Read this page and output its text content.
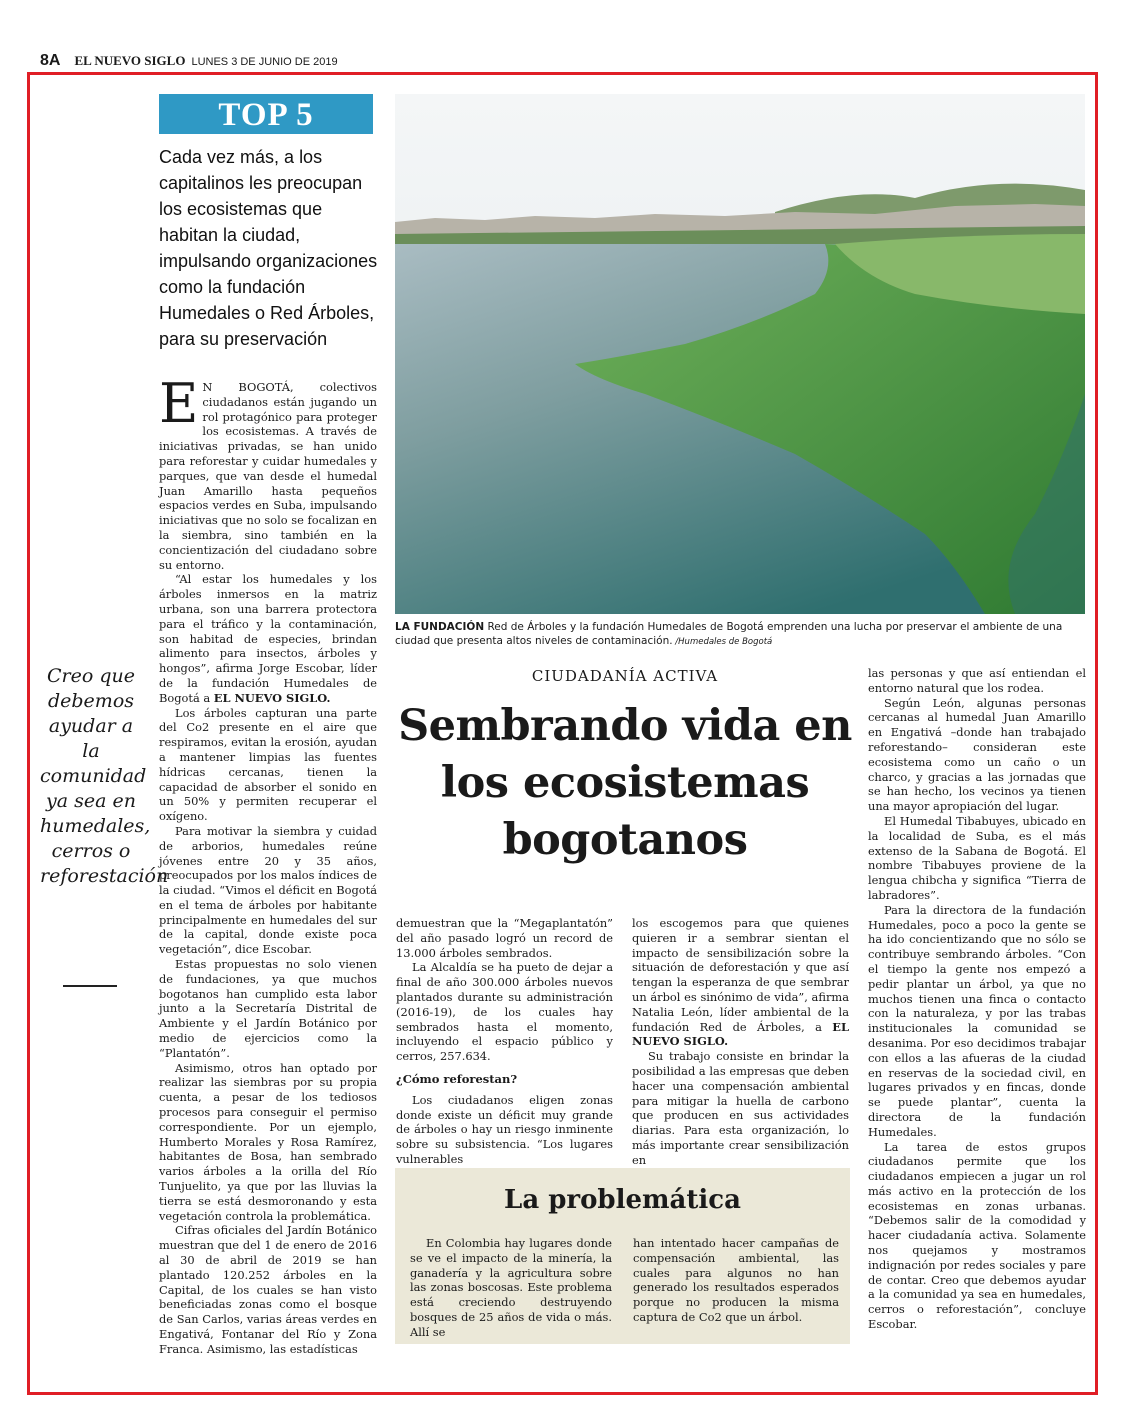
8A EL NUEVO SIGLO LUNES 3 DE JUNIO DE 2019
TOP 5
Cada vez más, a los capitalinos les preocupan los ecosistemas que habitan la ciudad, impulsando organizaciones como la fundación Humedales o Red Árboles, para su preservación

E N BOGOTÁ, colectivos ciudadanos están jugando un rol protagónico para proteger los ecosistemas. A través de iniciativas privadas, se han unido para reforestar y cuidar humedales y parques, que van desde el humedal Juan Amarillo hasta pequeños espacios verdes en Suba, impulsando iniciativas que no solo se focalizan en la siembra, sino también en la concientización del ciudadano sobre su entorno.

“Al estar los humedales y los árboles inmersos en la matriz urbana, son una barrera protectora para el tráfico y la contaminación, son habitad de especies, brindan alimento para insectos, árboles y hongos”, afirma Jorge Escobar, líder de la fundación Humedales de Bogotá a EL NUEVO SIGLO.

Los árboles capturan una parte del Co2 presente en el aire que respiramos, evitan la erosión, ayudan a mantener limpias las fuentes hídricas cercanas, tienen la capacidad de absorber el sonido en un 50% y permiten recuperar el oxígeno.

Para motivar la siembra y cuidad de arborios, humedales reúne jóvenes entre 20 y 35 años, preocupados por los malos índices de la ciudad. “Vimos el déficit en Bogotá en el tema de árboles por habitante principalmente en humedales del sur de la capital, donde existe poca vegetación”, dice Escobar.

Estas propuestas no solo vienen de fundaciones, ya que muchos bogotanos han cumplido esta labor junto a la Secretaría Distrital de Ambiente y el Jardín Botánico por medio de ejercicios como la “Plantatón”.

Asimismo, otros han optado por realizar las siembras por su propia cuenta, a pesar de los tediosos procesos para conseguir el permiso correspondiente. Por un ejemplo, Humberto Morales y Rosa Ramírez, habitantes de Bosa, han sembrado varios árboles a la orilla del Río Tunjuelito, ya que por las lluvias la tierra se está desmoronando y esta vegetación controla la problemática.

Cifras oficiales del Jardín Botánico muestran que del 1 de enero de 2016 al 30 de abril de 2019 se han plantado 120.252 árboles en la Capital, de los cuales se han visto beneficiadas zonas como el bosque de San Carlos, varias áreas verdes en Engativá, Fontanar del Río y Zona Franca. Asimismo, las estadísticas

LA FUNDACIÓN Red de Árboles y la fundación Humedales de Bogotá emprenden una lucha por preservar el ambiente de una ciudad que presenta altos niveles de contaminación. /Humedales de Bogotá
Creo que debemos ayudar a la comunidad ya sea en humedales, cerros o reforestación
CIUDADANÍA ACTIVA
Sembrando vida en los ecosistemas bogotanos

demuestran que la “Megaplantatón” del año pasado logró un record de 13.000 árboles sembrados.

La Alcaldía se ha pueto de dejar a final de año 300.000 árboles nuevos plantados durante su administración (2016-19), de los cuales hay sembrados hasta el momento, incluyendo el espacio público y cerros, 257.634.

¿Cómo reforestan?

Los ciudadanos eligen zonas donde existe un déficit muy grande de árboles o hay un riesgo inminente sobre su subsistencia. “Los lugares vulnerables

los escogemos para que quienes quieren ir a sembrar sientan el impacto de sensibilización sobre la situación de deforestación y que así tengan la esperanza de que sembrar un árbol es sinónimo de vida”, afirma Natalia León, líder ambiental de la fundación Red de Árboles, a EL NUEVO SIGLO.

Su trabajo consiste en brindar la posibilidad a las empresas que deben hacer una compensación ambiental para mitigar la huella de carbono que producen en sus actividades diarias. Para esta organización, lo más importante crear sensibilización en

las personas y que así entiendan el entorno natural que los rodea.

Según León, algunas personas cercanas al humedal Juan Amarillo en Engativá –donde han trabajado reforestando– consideran este ecosistema como un caño o un charco, y gracias a las jornadas que se han hecho, los vecinos ya tienen una mayor apropiación del lugar.

El Humedal Tibabuyes, ubicado en la localidad de Suba, es el más extenso de la Sabana de Bogotá. El nombre Tibabuyes proviene de la lengua chibcha y significa “Tierra de labradores”.

Para la directora de la fundación Humedales, poco a poco la gente se ha ido concientizando que no sólo se contribuye sembrando árboles. “Con el tiempo la gente nos empezó a pedir plantar un árbol, ya que no muchos tienen una finca o contacto con la naturaleza, y por las trabas institucionales la comunidad se desanima. Por eso decidimos trabajar con ellos a las afueras de la ciudad en reservas de la sociedad civil, en lugares privados y en fincas, donde se puede plantar”, cuenta la directora de la fundación Humedales.

La tarea de estos grupos ciudadanos permite que los ciudadanos empiecen a jugar un rol más activo en la protección de los ecosistemas en zonas urbanas. “Debemos salir de la comodidad y hacer ciudadanía activa. Solamente nos quejamos y mostramos indignación por redes sociales y pare de contar. Creo que debemos ayudar a la comunidad ya sea en humedales, cerros o reforestación”, concluye Escobar.

La problemática

En Colombia hay lugares donde se ve el impacto de la minería, la ganadería y la agricultura sobre las zonas boscosas. Este problema está creciendo destruyendo bosques de 25 años de vida o más. Allí se

han intentado hacer campañas de compensación ambiental, las cuales para algunos no han generado los resultados esperados porque no producen la misma captura de Co2 que un árbol.
